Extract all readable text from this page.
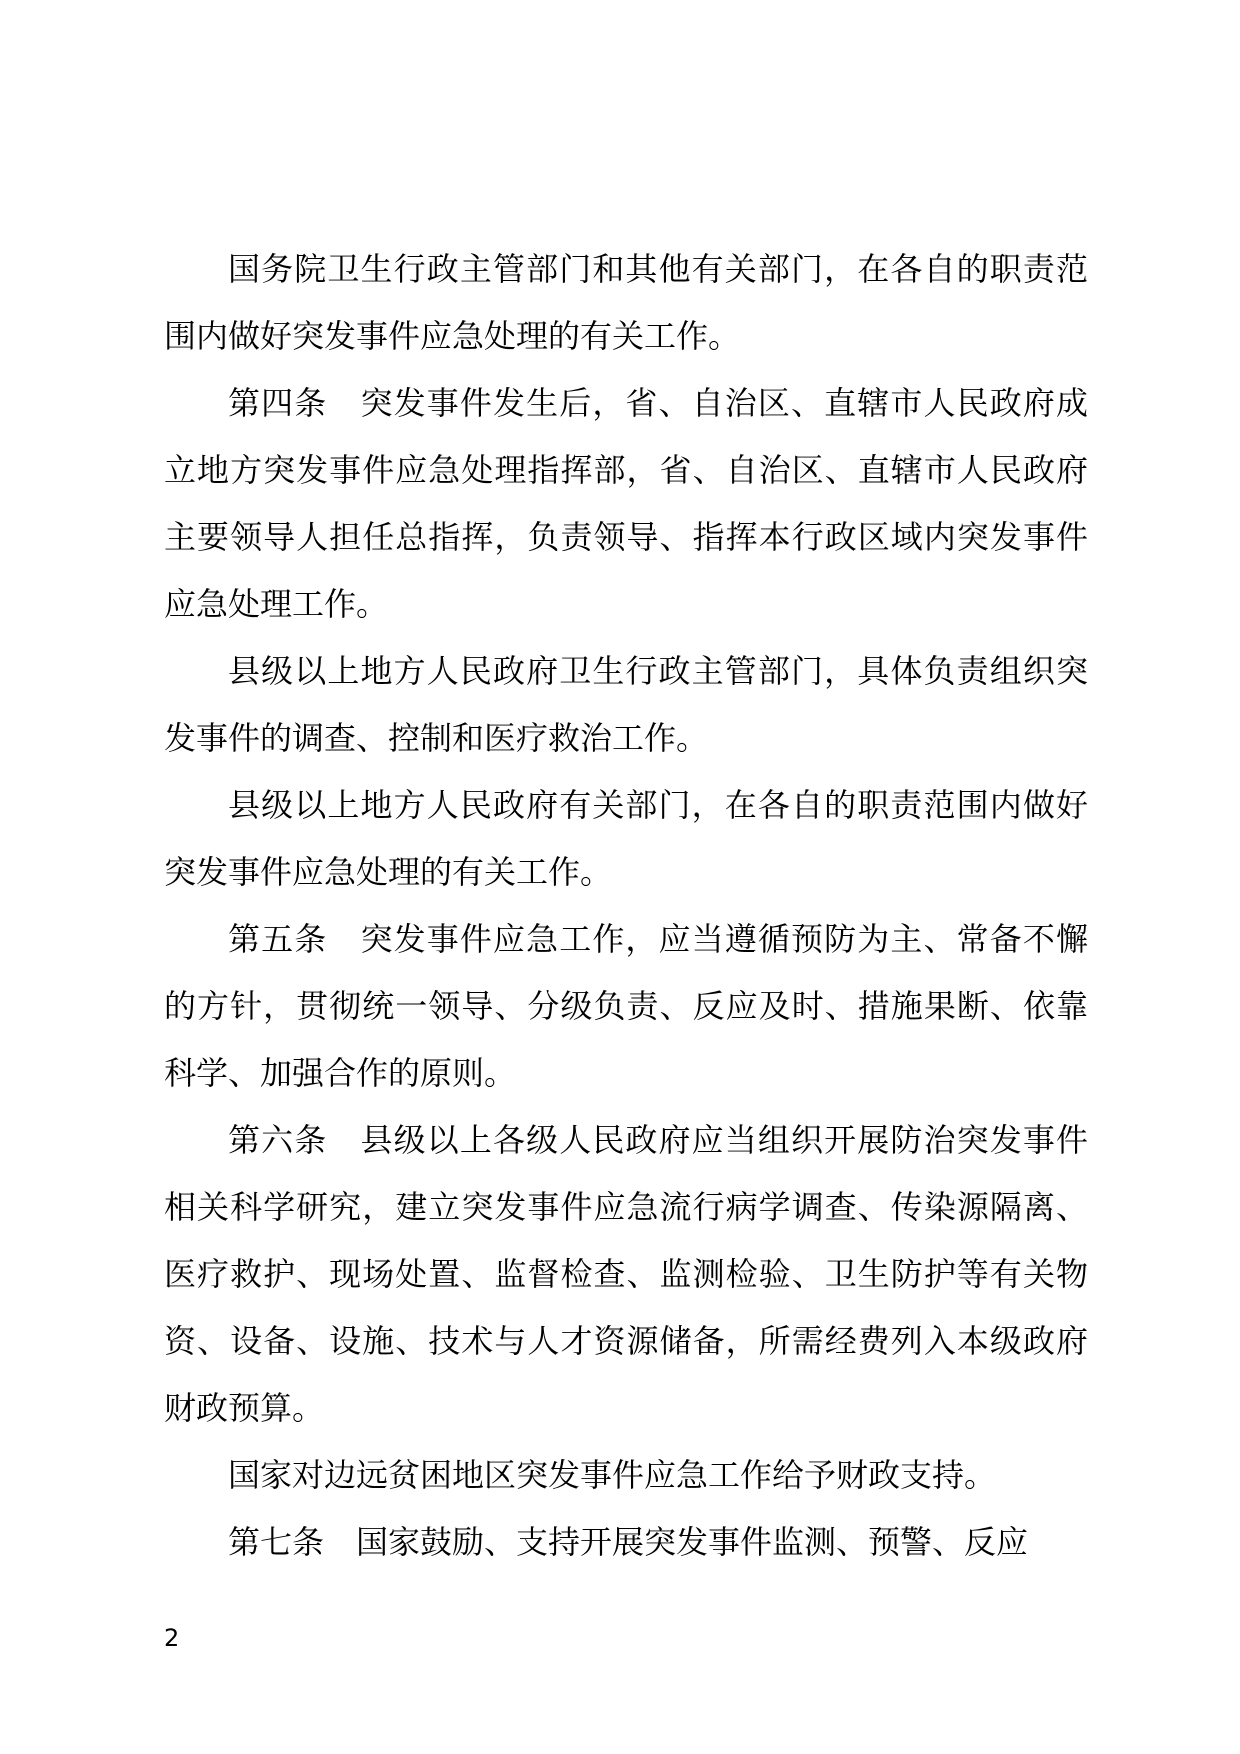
国务院卫生行政主管部门和其他有关部门，在各自的职责范围内做好突发事件应急处理的有关工作。

第四条　突发事件发生后，省、自治区、直辖市人民政府成立地方突发事件应急处理指挥部，省、自治区、直辖市人民政府主要领导人担任总指挥，负责领导、指挥本行政区域内突发事件应急处理工作。

县级以上地方人民政府卫生行政主管部门，具体负责组织突发事件的调查、控制和医疗救治工作。

县级以上地方人民政府有关部门，在各自的职责范围内做好突发事件应急处理的有关工作。

第五条　突发事件应急工作，应当遵循预防为主、常备不懈的方针，贯彻统一领导、分级负责、反应及时、措施果断、依靠科学、加强合作的原则。

第六条　县级以上各级人民政府应当组织开展防治突发事件相关科学研究，建立突发事件应急流行病学调查、传染源隔离、医疗救护、现场处置、监督检查、监测检验、卫生防护等有关物资、设备、设施、技术与人才资源储备，所需经费列入本级政府财政预算。

国家对边远贫困地区突发事件应急工作给予财政支持。

第七条　国家鼓励、支持开展突发事件监测、预警、反应

2
